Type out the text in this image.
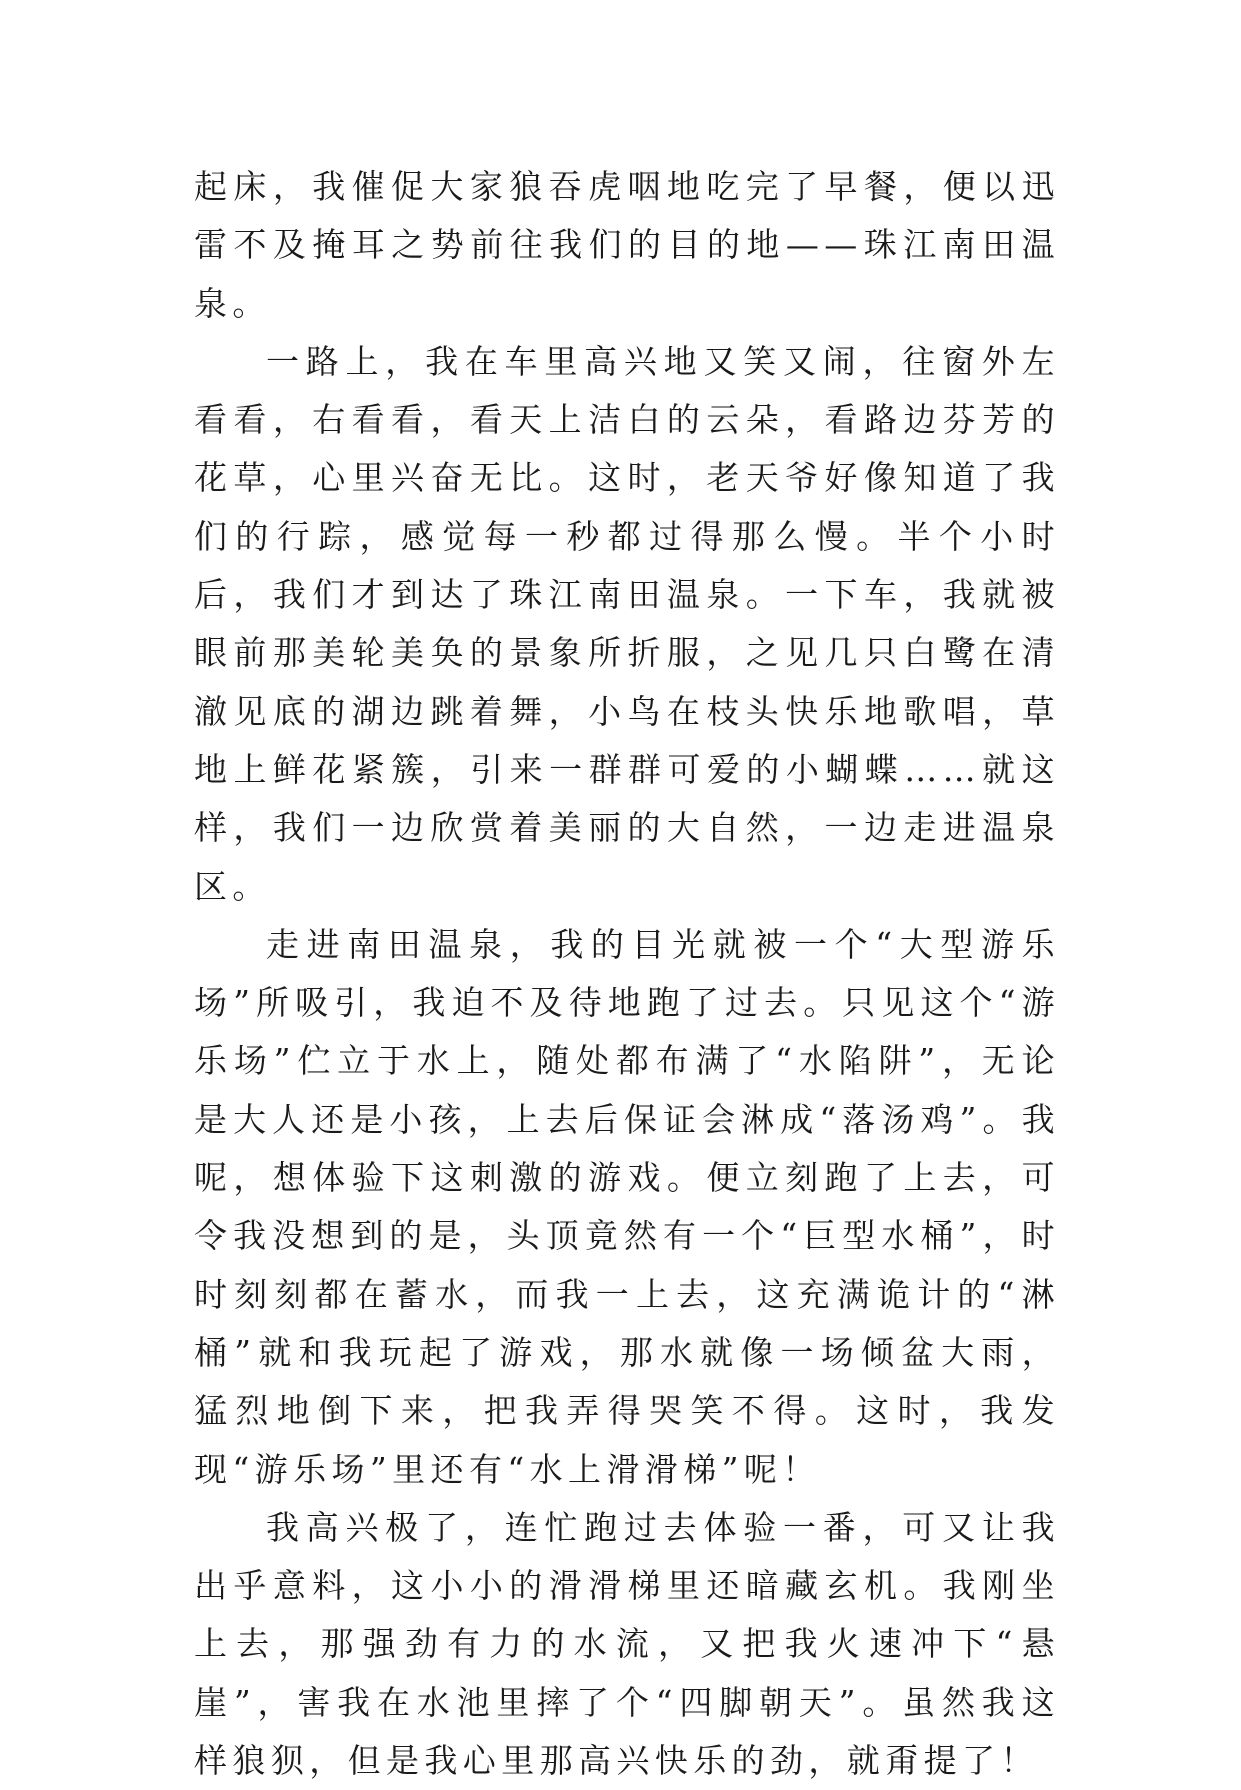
起床，我催促大家狼吞虎咽地吃完了早餐，便以迅雷不及掩耳之势前往我们的目的地——珠江南田温泉。

一路上，我在车里高兴地又笑又闹，往窗外左看看，右看看，看天上洁白的云朵，看路边芬芳的花草，心里兴奋无比。这时，老天爷好像知道了我们的行踪，感觉每一秒都过得那么慢。半个小时后，我们才到达了珠江南田温泉。一下车，我就被眼前那美轮美奂的景象所折服，之见几只白鹭在清澈见底的湖边跳着舞，小鸟在枝头快乐地歌唱，草地上鲜花紧簇，引来一群群可爱的小蝴蝶……就这样，我们一边欣赏着美丽的大自然，一边走进温泉区。

走进南田温泉，我的目光就被一个“大型游乐场”所吸引，我迫不及待地跑了过去。只见这个“游乐场”伫立于水上，随处都布满了“水陷阱”，无论是大人还是小孩，上去后保证会淋成“落汤鸡”。我呢，想体验下这刺激的游戏。便立刻跑了上去，可令我没想到的是，头顶竟然有一个“巨型水桶”，时时刻刻都在蓄水，而我一上去，这充满诡计的“淋桶”就和我玩起了游戏，那水就像一场倾盆大雨，猛烈地倒下来，把我弄得哭笑不得。这时，我发现“游乐场”里还有“水上滑滑梯”呢！

我高兴极了，连忙跑过去体验一番，可又让我出乎意料，这小小的滑滑梯里还暗藏玄机。我刚坐上去，那强劲有力的水流，又把我火速冲下“悬崖”，害我在水池里摔了个“四脚朝天”。虽然我这样狼狈，但是我心里那高兴快乐的劲，就甭提了！
